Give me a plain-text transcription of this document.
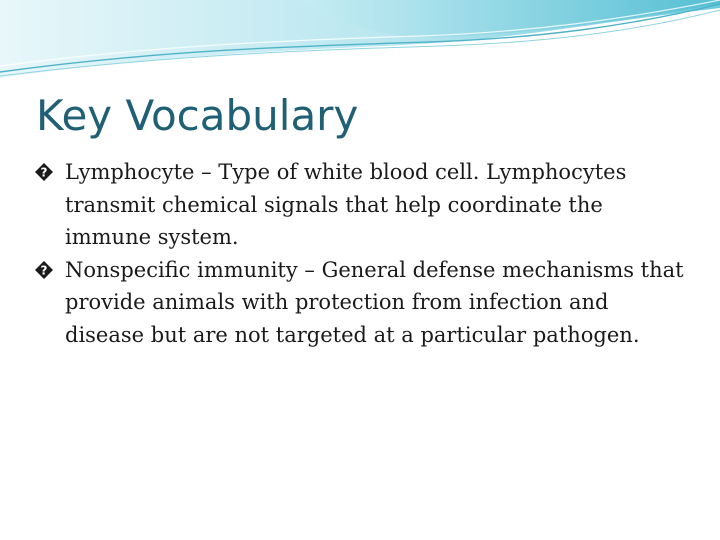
Key Vocabulary

? Lymphocyte – Type of white blood cell. Lymphocytes transmit chemical signals that help coordinate the immune system.

? Nonspecific immunity – General defense mechanisms that provide animals with protection from infection and disease but are not targeted at a particular pathogen.
